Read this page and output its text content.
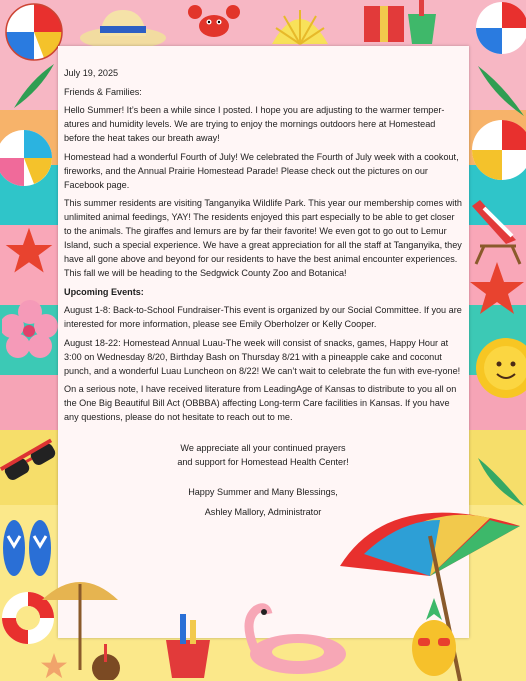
July 19, 2025

Friends & Families:

Hello Summer! It’s been a while since I posted. I hope you are adjusting to the warmer temper-atures and humidity levels. We are trying to enjoy the mornings outdoors here at Homestead before the heat takes our breath away!

Homestead had a wonderful Fourth of July! We celebrated the Fourth of July week with a cookout, fireworks, and the Annual Prairie Homestead Parade! Please check out the pictures on our Facebook page.

This summer residents are visiting Tanganyika Wildlife Park. This year our membership comes with unlimited animal feedings, YAY! The residents enjoyed this part especially to be able to get closer to the animals. The giraffes and lemurs are by far their favorite! We even got to go out to Lemur Island, such a special experience. We have a great appreciation for all the staff at Tanganyika, they have all gone above and beyond for our residents to have the best animal encounter experiences. This fall we will be heading to the Sedgwick County Zoo and Botanica!

Upcoming Events:

August 1-8: Back-to-School Fundraiser-This event is organized by our Social Committee. If you are interested for more information, please see Emily Oberholzer or Kelly Cooper.

August 18-22: Homestead Annual Luau-The week will consist of snacks, games, Happy Hour at 3:00 on Wednesday 8/20, Birthday Bash on Thursday 8/21 with a pineapple cake and coconut punch, and a wonderful Luau Luncheon on 8/22! We can’t wait to celebrate the fun with eve-ryone!

On a serious note, I have received literature from LeadingAge of Kansas to distribute to you all on the One Big Beautiful Bill Act (OBBBA) affecting Long-term Care facilities in Kansas. If you have any questions, please do not hesitate to reach out to me.

We appreciate all your continued prayers

and support for Homestead Health Center!

Happy Summer and Many Blessings,

Ashley Mallory, Administrator
